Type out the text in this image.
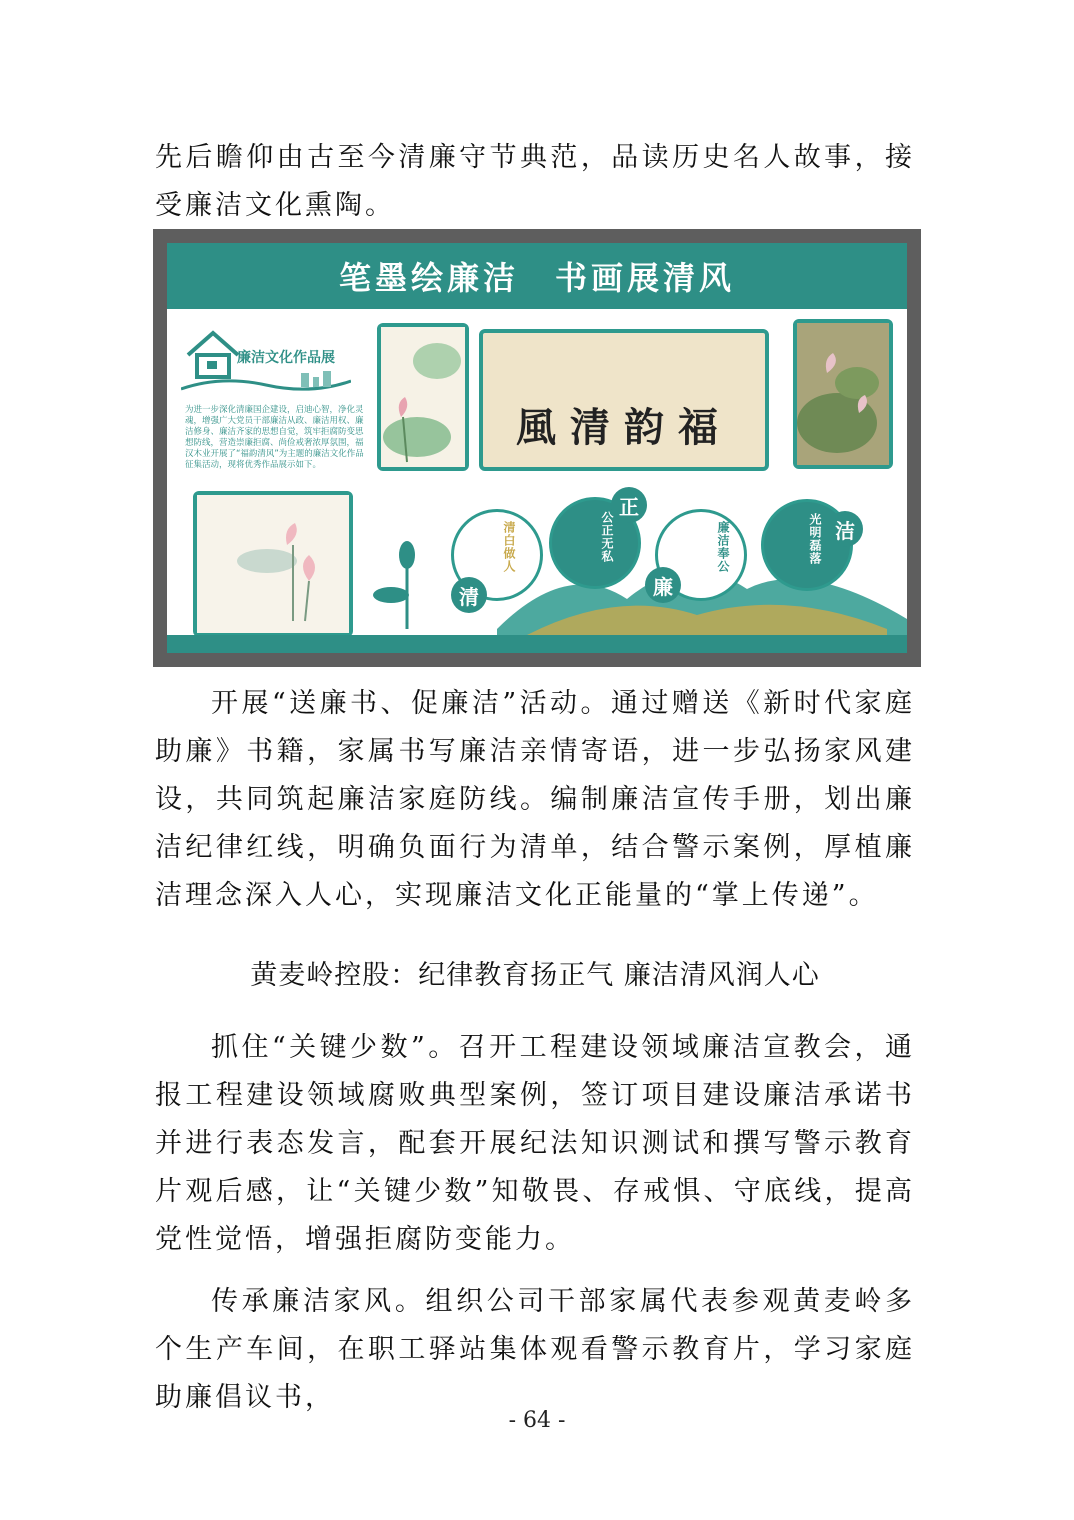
先后瞻仰由古至今清廉守节典范，品读历史名人故事，接受廉洁文化熏陶。

笔墨绘廉洁　书画展清风
廉洁文化作品展
为进一步深化清廉国企建设，启迪心智，净化灵魂，增强广大党员干部廉洁从政、廉洁用权、廉洁修身、廉洁齐家的思想自觉，筑牢拒腐防变思想防线，营造崇廉拒腐、尚俭戒奢浓厚氛围，福汉木业开展了“福韵清风”为主题的廉洁文化作品征集活动，现将优秀作品展示如下。
風清韵福
清白做人	公正无私	廉洁奉公	光明磊落
清
正
廉
洁

开展“送廉书、促廉洁”活动。通过赠送《新时代家庭助廉》书籍，家属书写廉洁亲情寄语，进一步弘扬家风建设，共同筑起廉洁家庭防线。编制廉洁宣传手册，划出廉洁纪律红线，明确负面行为清单，结合警示案例，厚植廉洁理念深入人心，实现廉洁文化正能量的“掌上传递”。

黄麦岭控股：纪律教育扬正气 廉洁清风润人心

抓住“关键少数”。召开工程建设领域廉洁宣教会，通报工程建设领域腐败典型案例，签订项目建设廉洁承诺书并进行表态发言，配套开展纪法知识测试和撰写警示教育片观后感，让“关键少数”知敬畏、存戒惧、守底线，提高党性觉悟，增强拒腐防变能力。

传承廉洁家风。组织公司干部家属代表参观黄麦岭多个生产车间，在职工驿站集体观看警示教育片，学习家庭助廉倡议书，

- 64 -
